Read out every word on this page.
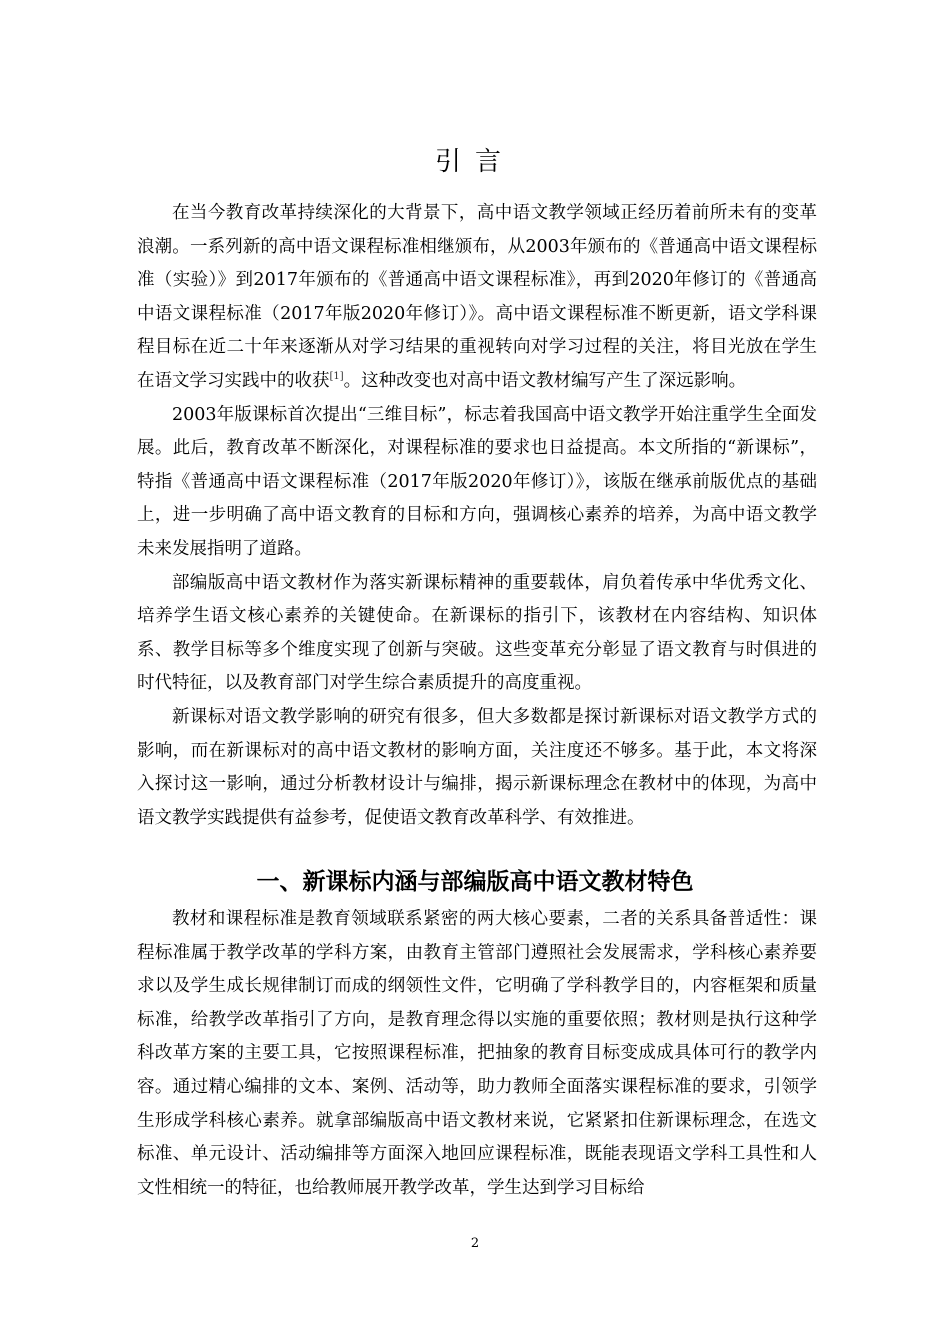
引言

在当今教育改革持续深化的大背景下，高中语文教学领域正经历着前所未有的变革浪潮。一系列新的高中语文课程标准相继颁布，从2003年颁布的《普通高中语文课程标准（实验）》到2017年颁布的《普通高中语文课程标准》，再到2020年修订的《普通高中语文课程标准（2017年版2020年修订）》。高中语文课程标准不断更新，语文学科课程目标在近二十年来逐渐从对学习结果的重视转向对学习过程的关注，将目光放在学生在语文学习实践中的收获[1]。这种改变也对高中语文教材编写产生了深远影响。

2003年版课标首次提出“三维目标”，标志着我国高中语文教学开始注重学生全面发展。此后，教育改革不断深化，对课程标准的要求也日益提高。本文所指的“新课标”，特指《普通高中语文课程标准（2017年版2020年修订）》，该版在继承前版优点的基础上，进一步明确了高中语文教育的目标和方向，强调核心素养的培养，为高中语文教学未来发展指明了道路。

部编版高中语文教材作为落实新课标精神的重要载体，肩负着传承中华优秀文化、培养学生语文核心素养的关键使命。在新课标的指引下，该教材在内容结构、知识体系、教学目标等多个维度实现了创新与突破。这些变革充分彰显了语文教育与时俱进的时代特征，以及教育部门对学生综合素质提升的高度重视。

新课标对语文教学影响的研究有很多，但大多数都是探讨新课标对语文教学方式的影响，而在新课标对的高中语文教材的影响方面，关注度还不够多。基于此，本文将深入探讨这一影响，通过分析教材设计与编排，揭示新课标理念在教材中的体现，为高中语文教学实践提供有益参考，促使语文教育改革科学、有效推进。

一、新课标内涵与部编版高中语文教材特色

教材和课程标准是教育领域联系紧密的两大核心要素，二者的关系具备普适性：课程标准属于教学改革的学科方案，由教育主管部门遵照社会发展需求，学科核心素养要求以及学生成长规律制订而成的纲领性文件，它明确了学科教学目的，内容框架和质量标准，给教学改革指引了方向，是教育理念得以实施的重要依照；教材则是执行这种学科改革方案的主要工具，它按照课程标准，把抽象的教育目标变成成具体可行的教学内容。通过精心编排的文本、案例、活动等，助力教师全面落实课程标准的要求，引领学生形成学科核心素养。就拿部编版高中语文教材来说，它紧紧扣住新课标理念，在选文标准、单元设计、活动编排等方面深入地回应课程标准，既能表现语文学科工具性和人文性相统一的特征，也给教师展开教学改革，学生达到学习目标给

2
